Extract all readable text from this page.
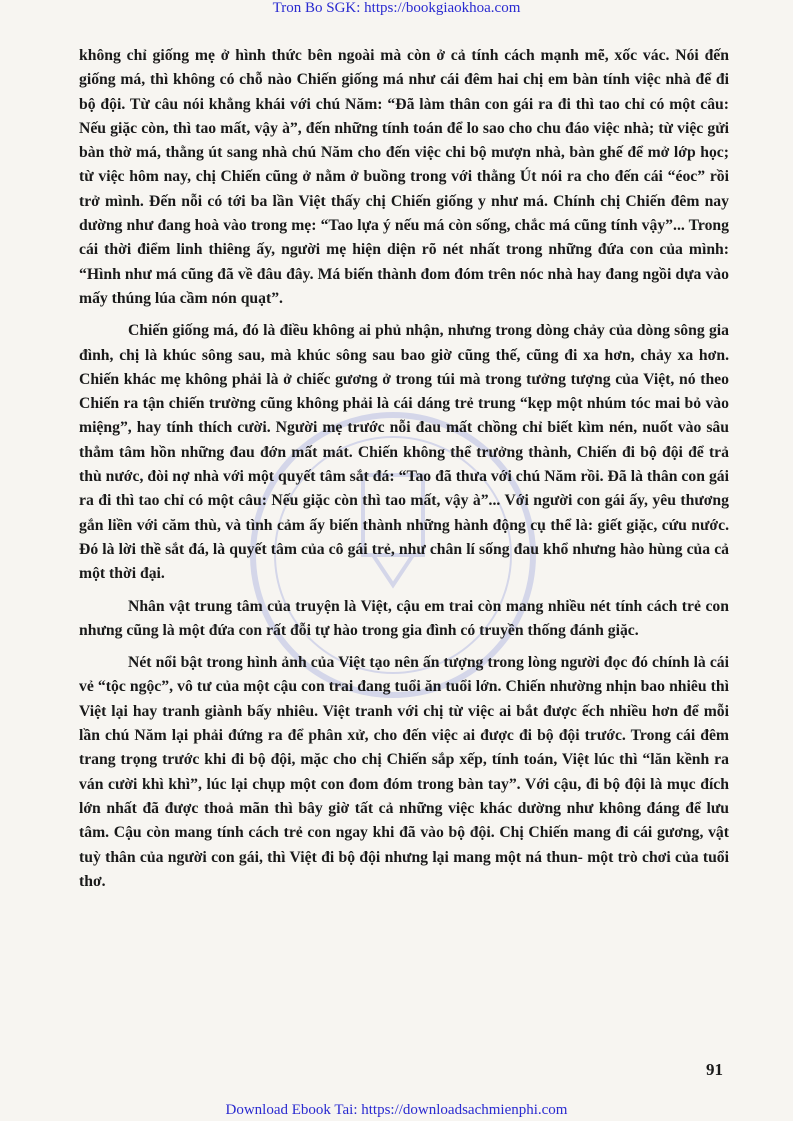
Tron Bo SGK: https://bookgiaokhoa.com

không chỉ giống mẹ ở hình thức bên ngoài mà còn ở cả tính cách mạnh mẽ, xốc vác. Nói đến giống má, thì không có chỗ nào Chiến giống má như cái đêm hai chị em bàn tính việc nhà để đi bộ đội. Từ câu nói khẳng khái với chú Năm: “Đã làm thân con gái ra đi thì tao chỉ có một câu: Nếu giặc còn, thì tao mất, vậy à”, đến những tính toán để lo sao cho chu đáo việc nhà; từ việc gửi bàn thờ má, thằng út sang nhà chú Năm cho đến việc chi bộ mượn nhà, bàn ghế để mở lớp học; từ việc hôm nay, chị Chiến cũng ở nằm ở buồng trong với thằng Út nói ra cho đến cái “éoc” rồi trở mình. Đến nỗi có tới ba lần Việt thấy chị Chiến giống y như má. Chính chị Chiến đêm nay dường như đang hoà vào trong mẹ: “Tao lựa ý nếu má còn sống, chắc má cũng tính vậy”... Trong cái thời điểm linh thiêng ấy, người mẹ hiện diện rõ nét nhất trong những đứa con của mình: “Hình như má cũng đã về đâu đây. Má biến thành đom đóm trên nóc nhà hay đang ngồi dựa vào mấy thúng lúa cầm nón quạt”.

Chiến giống má, đó là điều không ai phủ nhận, nhưng trong dòng chảy của dòng sông gia đình, chị là khúc sông sau, mà khúc sông sau bao giờ cũng thế, cũng đi xa hơn, chảy xa hơn. Chiến khác mẹ không phải là ở chiếc gương ở trong túi mà trong tưởng tượng của Việt, nó theo Chiến ra tận chiến trường cũng không phải là cái dáng trẻ trung “kẹp một nhúm tóc mai bỏ vào miệng”, hay tính thích cười. Người mẹ trước nỗi đau mất chồng chỉ biết kìm nén, nuốt vào sâu thẳm tâm hồn những đau đớn mất mát. Chiến không thể trưởng thành, Chiến đi bộ đội để trả thù nước, đòi nợ nhà với một quyết tâm sắt đá: “Tao đã thưa với chú Năm rồi. Đã là thân con gái ra đi thì tao chỉ có một câu: Nếu giặc còn thì tao mất, vậy à”... Với người con gái ấy, yêu thương gắn liền với căm thù, và tình cảm ấy biến thành những hành động cụ thể là: giết giặc, cứu nước. Đó là lời thề sắt đá, là quyết tâm của cô gái trẻ, như chân lí sống đau khổ nhưng hào hùng của cả một thời đại.

Nhân vật trung tâm của truyện là Việt, cậu em trai còn mang nhiều nét tính cách trẻ con nhưng cũng là một đứa con rất đỗi tự hào trong gia đình có truyền thống đánh giặc.

Nét nổi bật trong hình ảnh của Việt tạo nên ấn tượng trong lòng người đọc đó chính là cái vẻ “tộc ngộc”, vô tư của một cậu con trai đang tuổi ăn tuổi lớn. Chiến nhường nhịn bao nhiêu thì Việt lại hay tranh giành bấy nhiêu. Việt tranh với chị từ việc ai bắt được ếch nhiều hơn để mỗi lần chú Năm lại phải đứng ra để phân xử, cho đến việc ai được đi bộ đội trước. Trong cái đêm trang trọng trước khi đi bộ đội, mặc cho chị Chiến sắp xếp, tính toán, Việt lúc thì “lăn kềnh ra ván cười khì khì”, lúc lại chụp một con đom đóm trong bàn tay”. Với cậu, đi bộ đội là mục đích lớn nhất đã được thoả mãn thì bây giờ tất cả những việc khác dường như không đáng để lưu tâm. Cậu còn mang tính cách trẻ con ngay khi đã vào bộ đội. Chị Chiến mang đi cái gương, vật tuỳ thân của người con gái, thì Việt đi bộ đội nhưng lại mang một ná thun- một trò chơi của tuổi thơ.

91
Download Ebook Tai: https://downloadsachmienphi.com
